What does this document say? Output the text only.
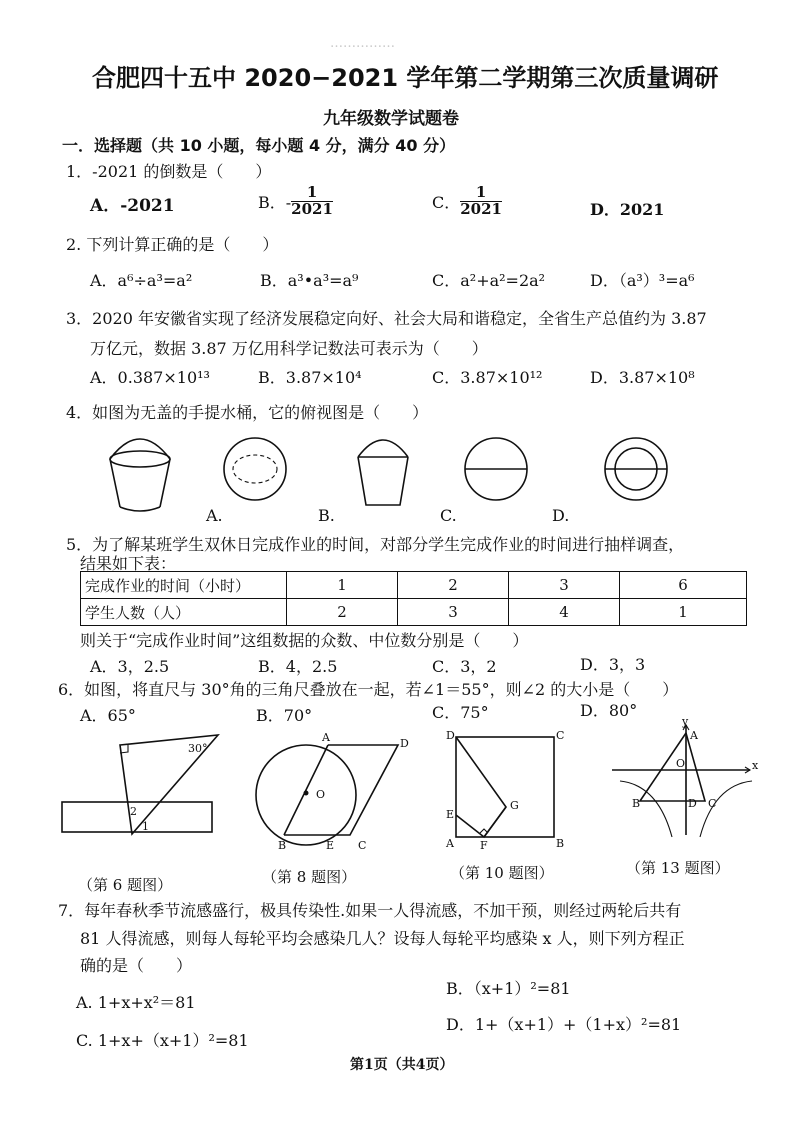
……………　　　　　　　　　　　　　
合肥四十五中 2020−2021 学年第二学期第三次质量调研
九年级数学试题卷
一．选择题（共 10 小题，每小题 4 分，满分 40 分）
1．-2021 的倒数是（　　）
A．-2021	B．- $\frac{1}{2021}$	C． $\frac{1}{2021}$	D．2021
2. 下列计算正确的是（　　）
A．a⁶÷a³=a²	B．a³•a³=a⁹	C．a²+a²=2a²	D．（a³）³=a⁶
3．2020 年安徽省实现了经济发展稳定向好、社会大局和谐稳定，全省生产总值约为 3.87
万亿元，数据 3.87 万亿用科学记数法可表示为（　　）
A．0.387×10¹³	B．3.87×10⁴	C．3.87×10¹²	D．3.87×10⁸
4．如图为无盖的手提水桶，它的俯视图是（　　）
A.	B.	C.	D.
5．为了解某班学生双休日完成作业的时间，对部分学生完成作业的时间进行抽样调查，
结果如下表：
完成作业的时间（小时）	1	2	3	6
学生人数（人）	2	3	4	1
则关于“完成作业时间”这组数据的众数、中位数分别是（　　）
A．3，2.5	B．4，2.5	C．3，2	D．3，3
6．如图，将直尺与 30°角的三角尺叠放在一起，若∠1＝55°，则∠2 的大小是（　　）
A．65°	B．70°	C．75°	D．80°
30°
2
1
A	D
O
B	E C
D	C
E
G
A F	B
y
A
O	x
B	D C
（第 6 题图）	（第 8 题图）	（第 10 题图）	（第 13 题图）
7．每年春秋季节流感盛行，极具传染性.如果一人得流感，不加干预，则经过两轮后共有
81 人得流感，则每人每轮平均会感染几人？设每人每轮平均感染 x 人，则下列方程正
确的是（　　）
B．（x+1）²=81
A. 1+x+x²＝81
D．1+（x+1）+（1+x）²=81
C. 1+x+（x+1）²=81
第1页（共4页）
